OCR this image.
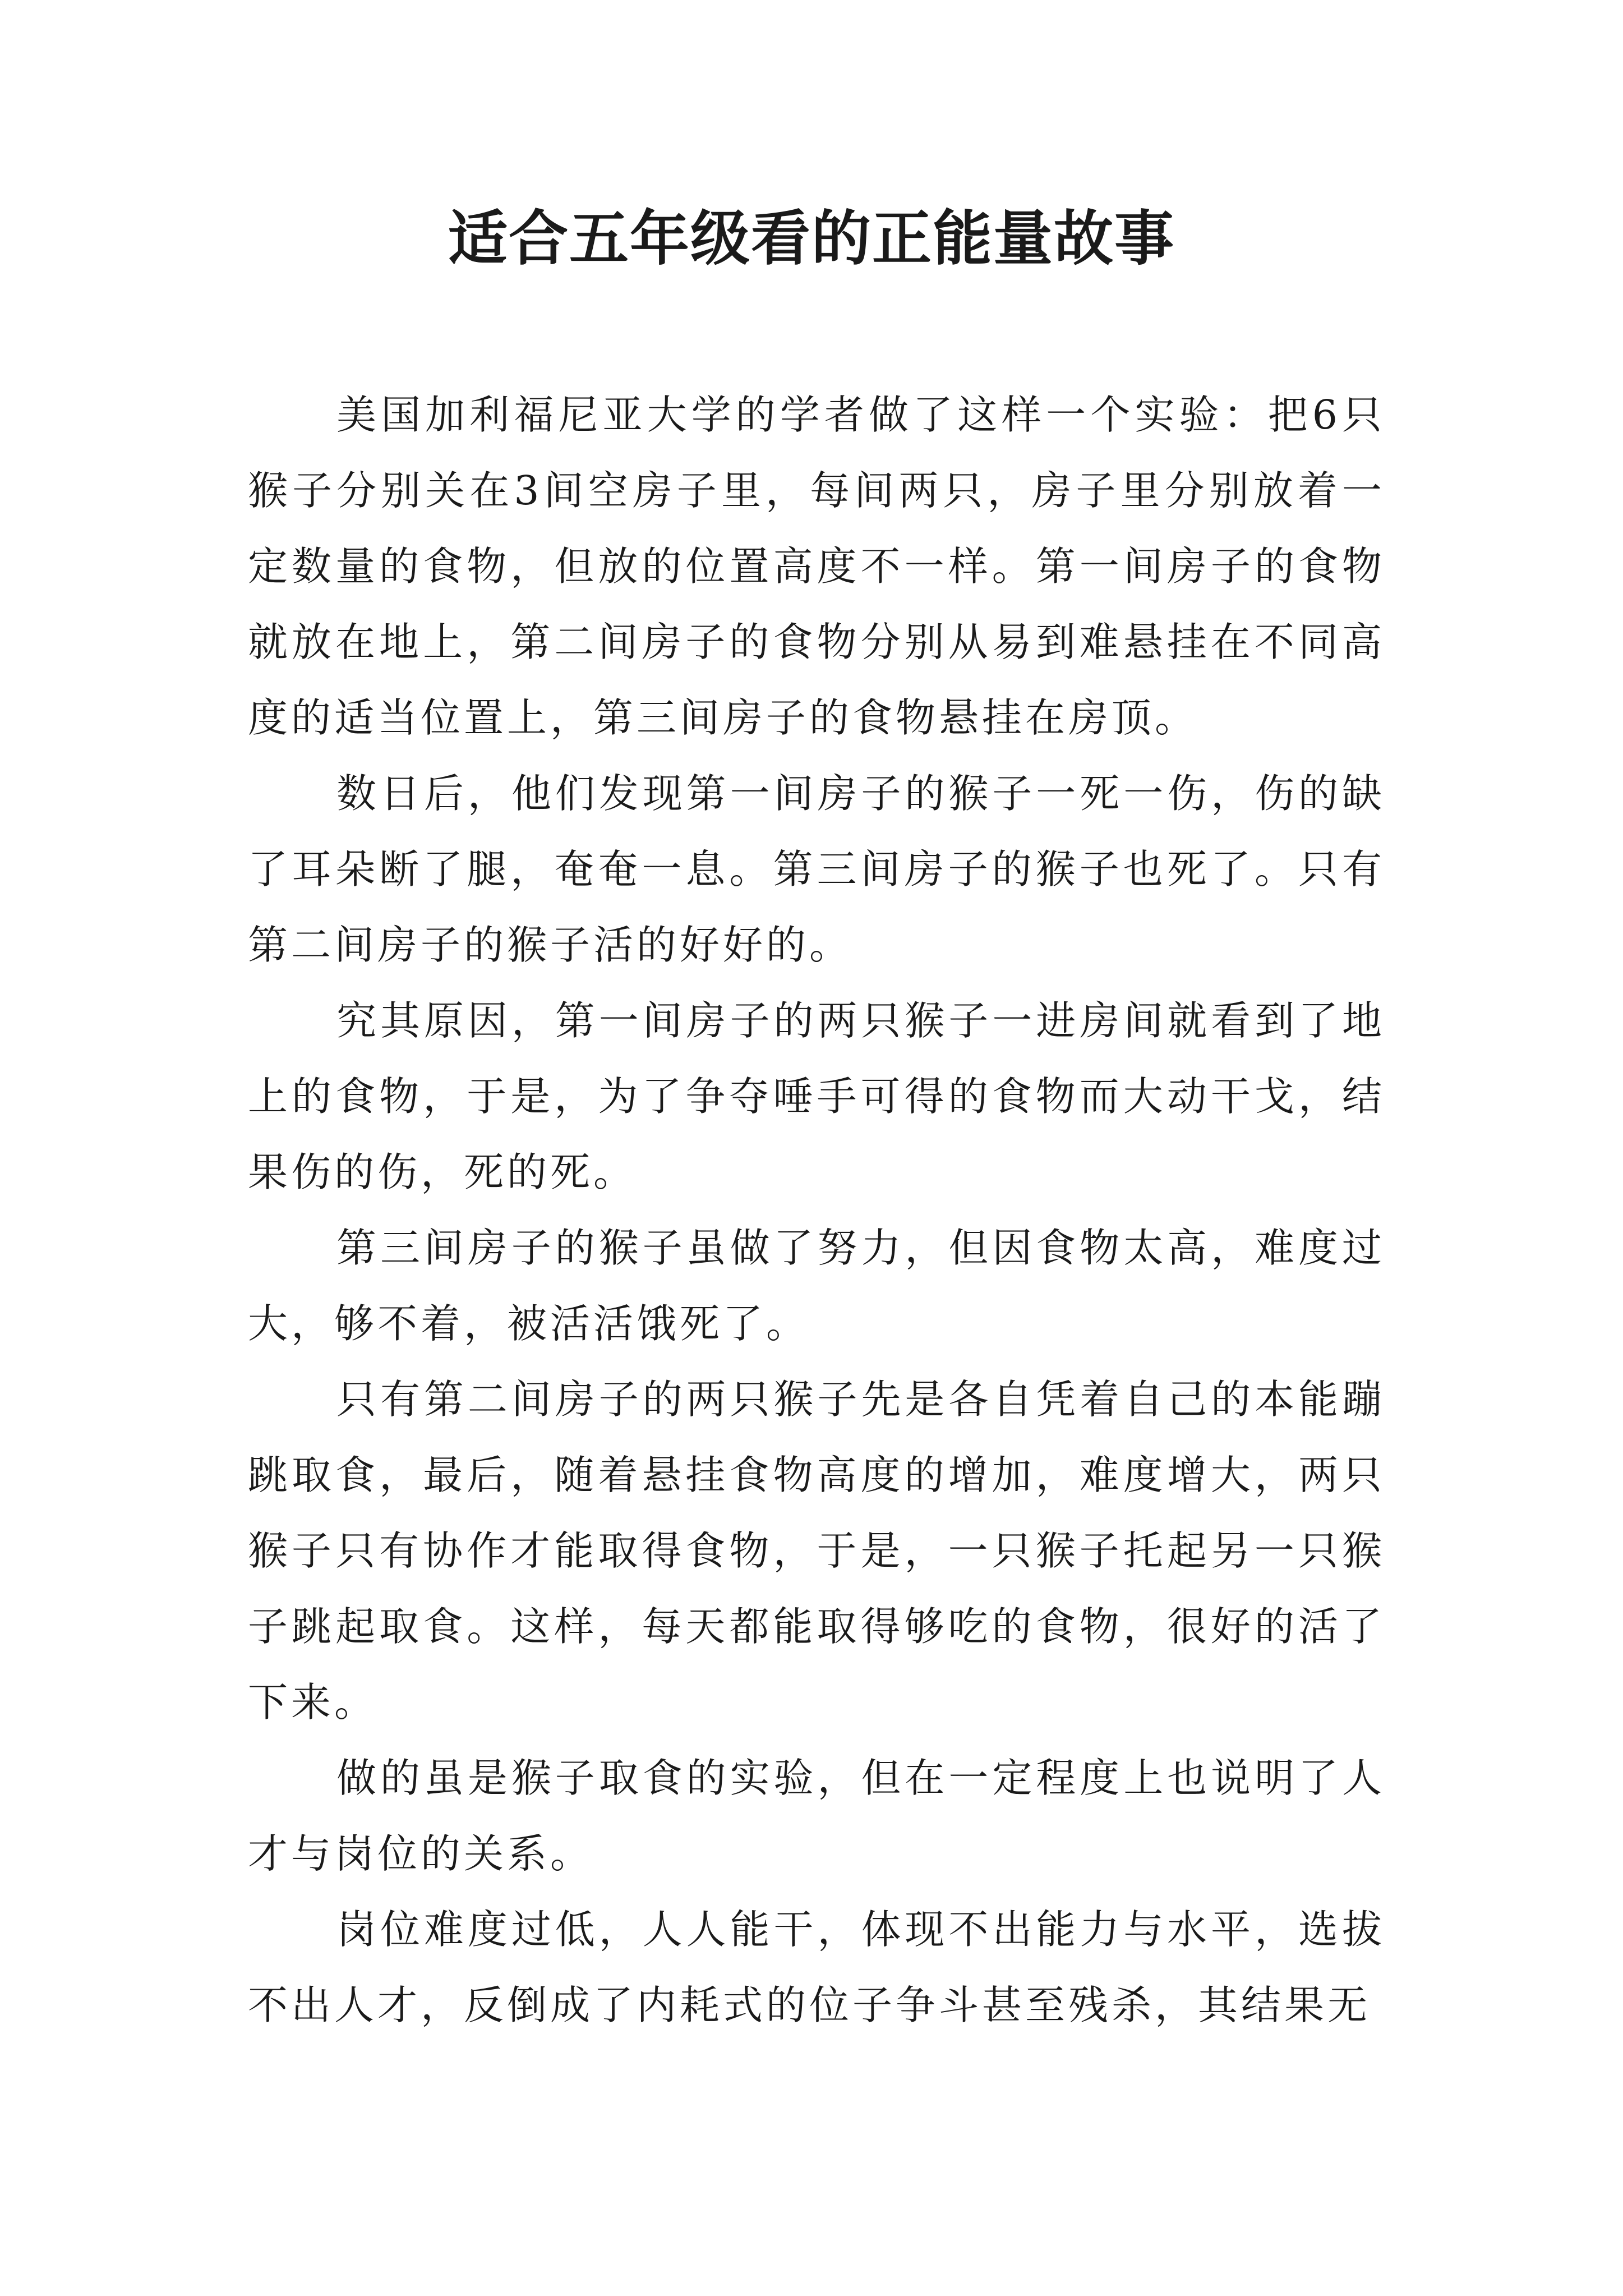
适合五年级看的正能量故事

美国加利福尼亚大学的学者做了这样一个实验：把6只猴子分别关在3间空房子里，每间两只，房子里分别放着一定数量的食物，但放的位置高度不一样。第一间房子的食物就放在地上，第二间房子的食物分别从易到难悬挂在不同高度的适当位置上，第三间房子的食物悬挂在房顶。

数日后，他们发现第一间房子的猴子一死一伤，伤的缺了耳朵断了腿，奄奄一息。第三间房子的猴子也死了。只有第二间房子的猴子活的好好的。

究其原因，第一间房子的两只猴子一进房间就看到了地上的食物，于是，为了争夺唾手可得的食物而大动干戈，结果伤的伤，死的死。

第三间房子的猴子虽做了努力，但因食物太高，难度过大，够不着，被活活饿死了。

只有第二间房子的两只猴子先是各自凭着自己的本能蹦跳取食，最后，随着悬挂食物高度的增加，难度增大，两只猴子只有协作才能取得食物，于是，一只猴子托起另一只猴子跳起取食。这样，每天都能取得够吃的食物，很好的活了下来。

做的虽是猴子取食的实验，但在一定程度上也说明了人才与岗位的关系。

岗位难度过低，人人能干，体现不出能力与水平，选拔不出人才，反倒成了内耗式的位子争斗甚至残杀，其结果无
